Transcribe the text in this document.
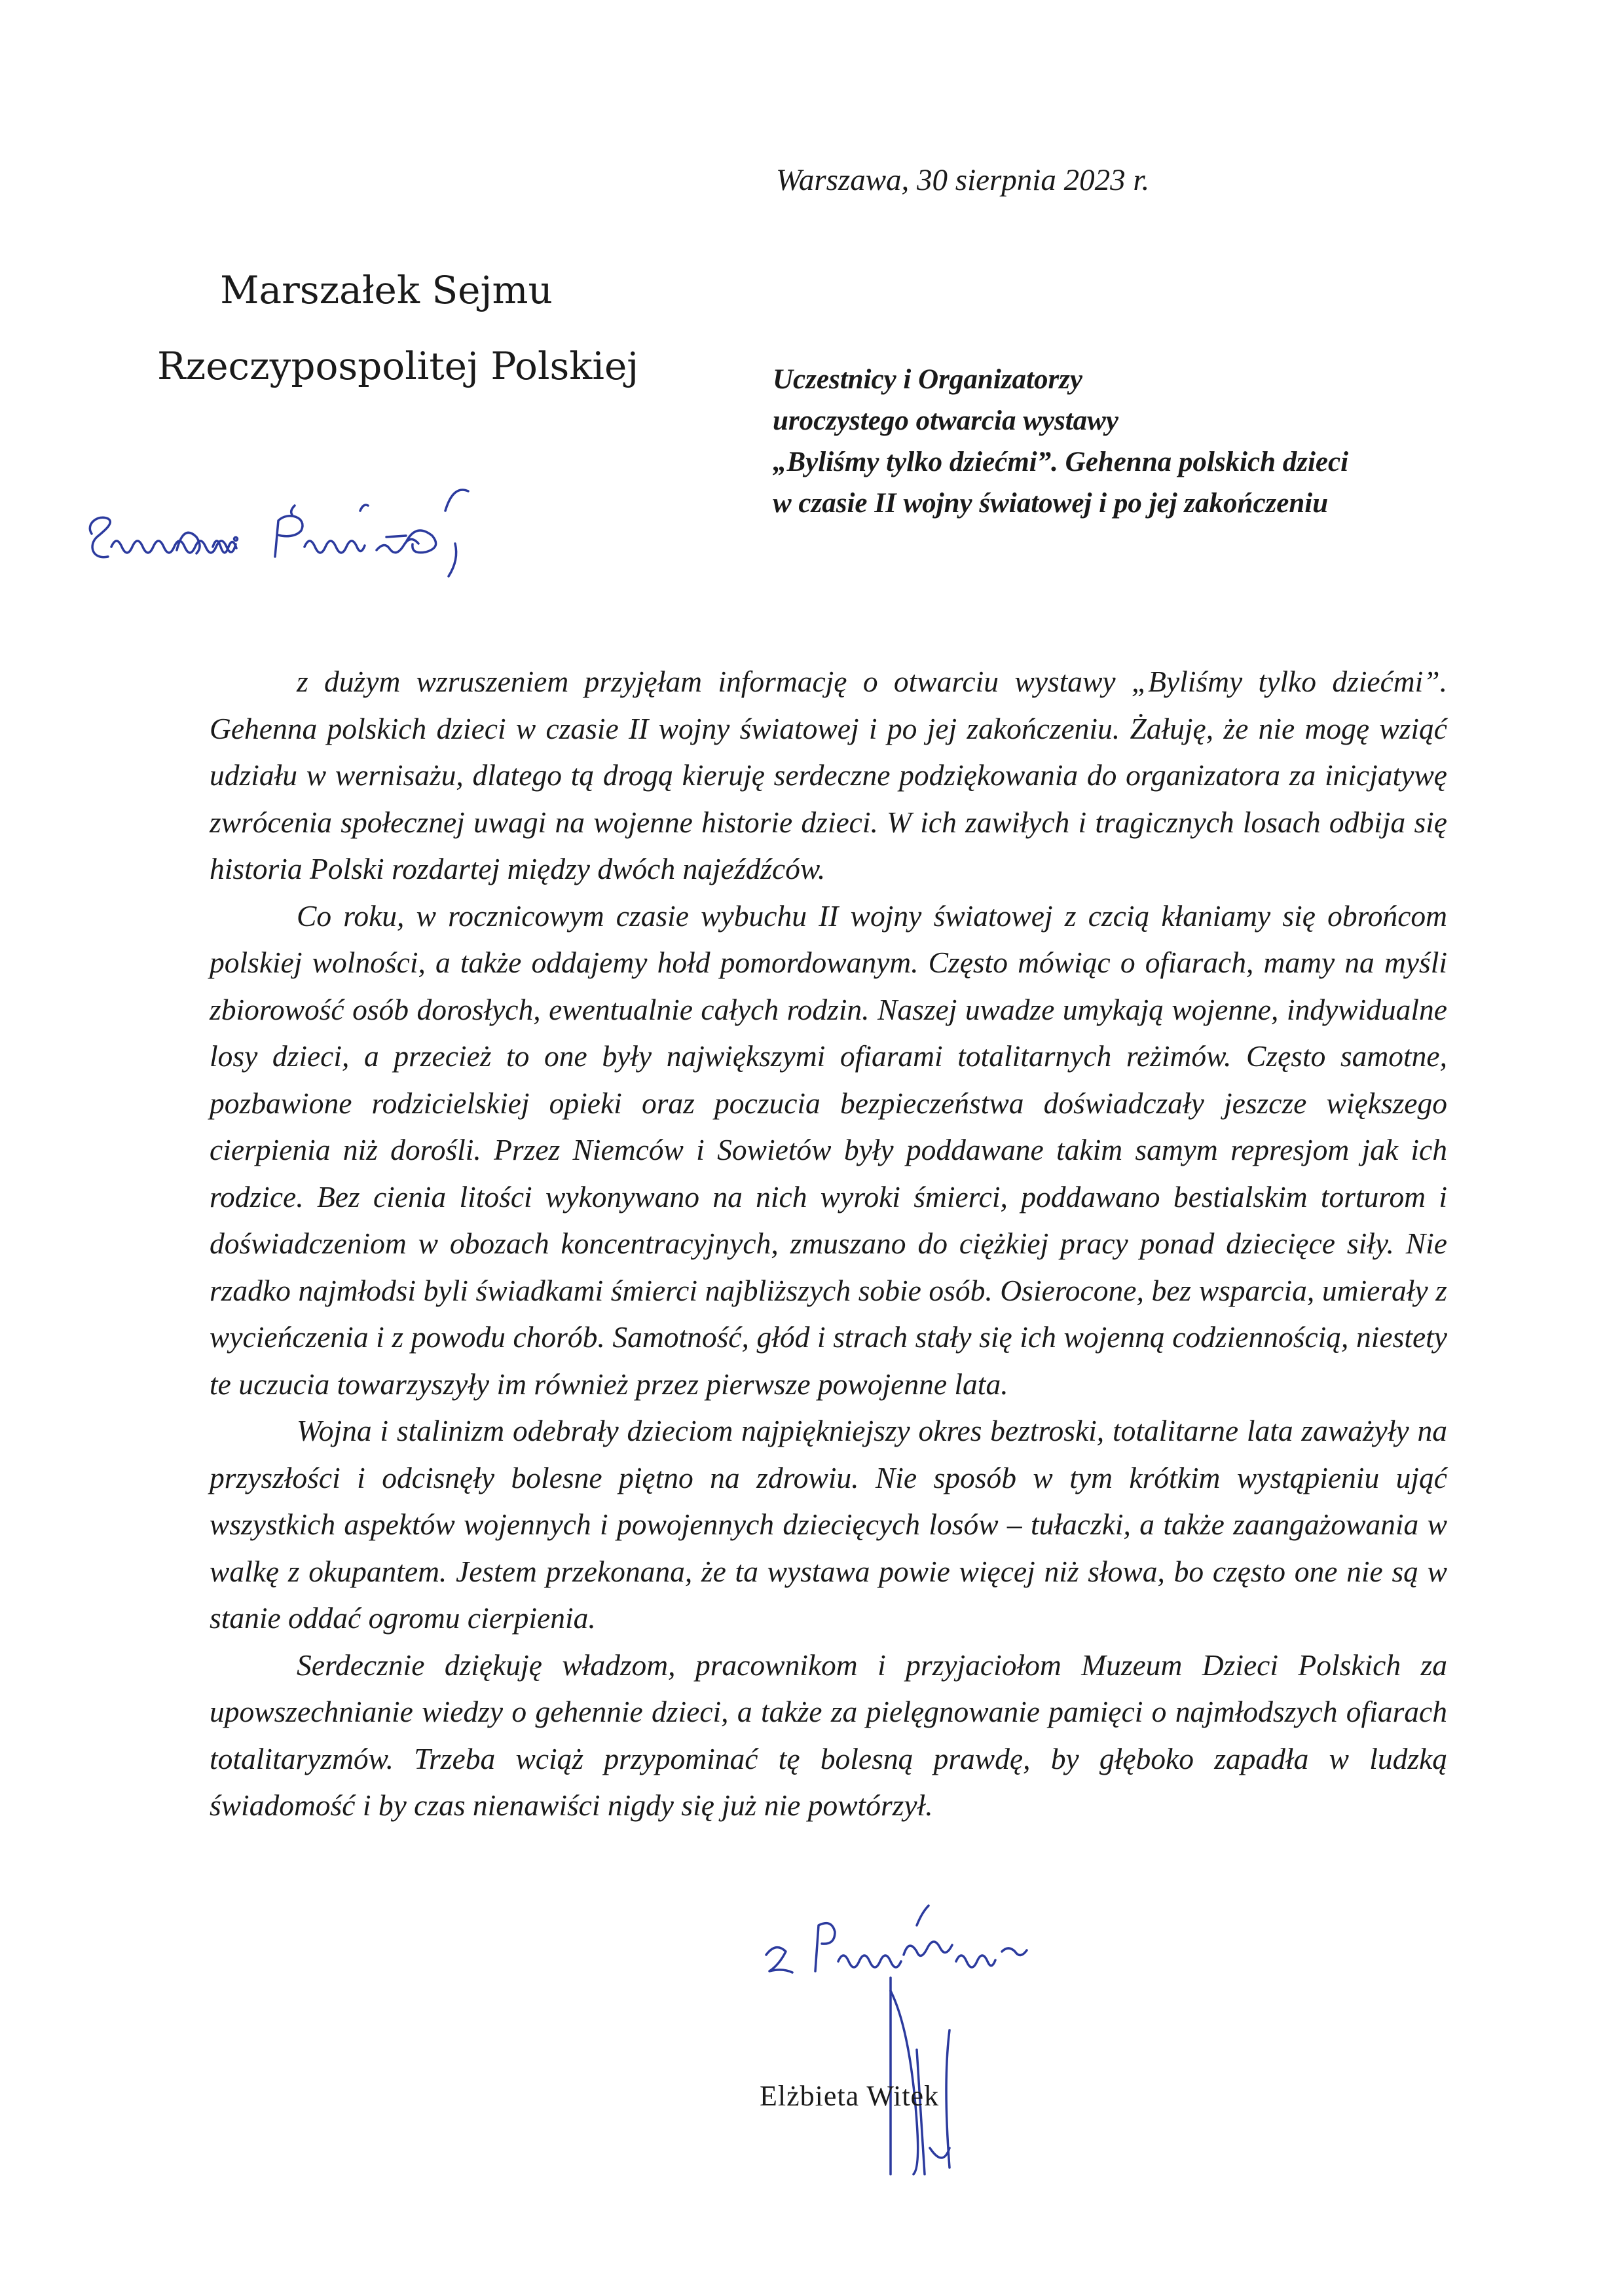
Warszawa, 30 sierpnia 2023 r.
Marszałek Sejmu
Rzeczypospolitej Polskiej	Uczestnicy i Organizatorzy
uroczystego otwarcia wystawy
„Byliśmy tylko dziećmi”. Gehenna polskich dzieci
w czasie II wojny światowej i po jej zakończeniu

z dużym wzruszeniem przyjęłam informację o otwarciu wystawy „Byliśmy tylko dziećmi”. Gehenna polskich dzieci w czasie II wojny światowej i po jej zakończeniu. Żałuję, że nie mogę wziąć udziału w wernisażu, dlatego tą drogą kieruję serdeczne podziękowania do organizatora za inicjatywę zwrócenia społecznej uwagi na wojenne historie dzieci. W ich zawiłych i tragicznych losach odbija się historia Polski rozdartej między dwóch najeźdźców.

Co roku, w rocznicowym czasie wybuchu II wojny światowej z czcią kłaniamy się obrońcom polskiej wolności, a także oddajemy hołd pomordowanym. Często mówiąc o ofiarach, mamy na myśli zbiorowość osób dorosłych, ewentualnie całych rodzin. Naszej uwadze umykają wojenne, indywidualne losy dzieci, a przecież to one były największymi ofiarami totalitarnych reżimów. Często samotne, pozbawione rodzicielskiej opieki oraz poczucia bezpieczeństwa doświadczały jeszcze większego cierpienia niż dorośli. Przez Niemców i Sowietów były poddawane takim samym represjom jak ich rodzice. Bez cienia litości wykonywano na nich wyroki śmierci, poddawano bestialskim torturom i doświadczeniom w obozach koncentracyjnych, zmuszano do ciężkiej pracy ponad dziecięce siły. Nie rzadko najmłodsi byli świadkami śmierci najbliższych sobie osób. Osierocone, bez wsparcia, umierały z wycieńczenia i z powodu chorób. Samotność, głód i strach stały się ich wojenną codziennością, niestety te uczucia towarzyszyły im również przez pierwsze powojenne lata.

Wojna i stalinizm odebrały dzieciom najpiękniejszy okres beztroski, totalitarne lata zaważyły na przyszłości i odcisnęły bolesne piętno na zdrowiu. Nie sposób w tym krótkim wystąpieniu ująć wszystkich aspektów wojennych i powojennych dziecięcych losów – tułaczki, a także zaangażowania w walkę z okupantem. Jestem przekonana, że ta wystawa powie więcej niż słowa, bo często one nie są w stanie oddać ogromu cierpienia.

Serdecznie dziękuję władzom, pracownikom i przyjaciołom Muzeum Dzieci Polskich za upowszechnianie wiedzy o gehennie dzieci, a także za pielęgnowanie pamięci o najmłodszych ofiarach totalitaryzmów. Trzeba wciąż przypominać tę bolesną prawdę, by głęboko zapadła w ludzką świadomość i by czas nienawiści nigdy się już nie powtórzył.

Elżbieta Witek
